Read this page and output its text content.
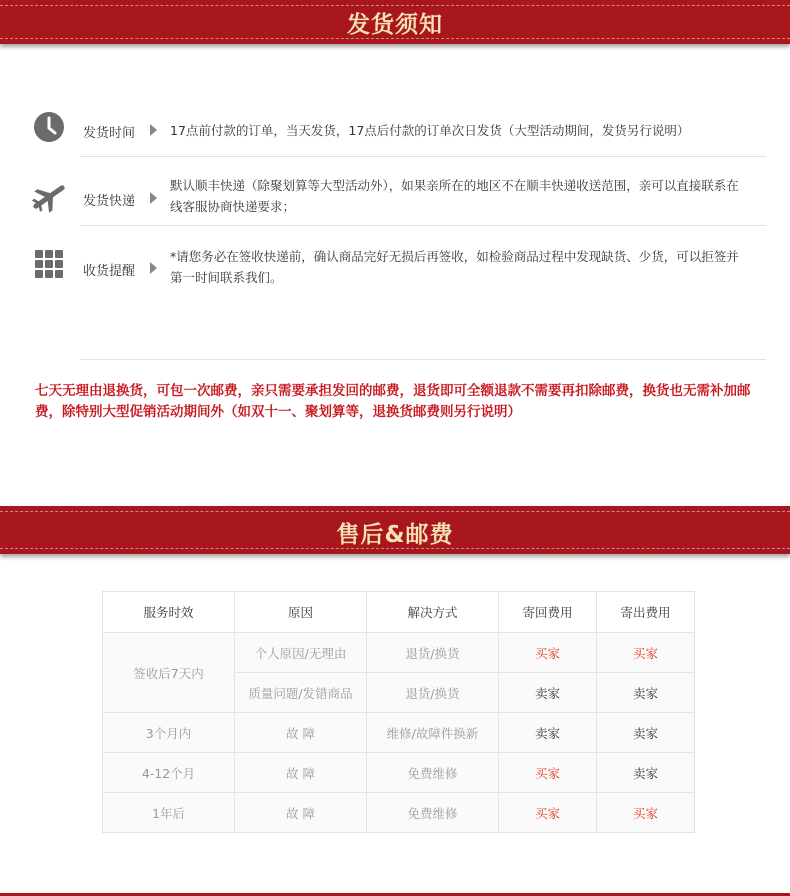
发货须知
发货时间	17点前付款的订单，当天发货，17点后付款的订单次日发货（大型活动期间，发货另行说明）
发货快递
默认顺丰快递（除聚划算等大型活动外），如果亲所在的地区不在顺丰快递收送范围，亲可以直接联系在线客服协商快递要求；
收货提醒
*请您务必在签收快递前，确认商品完好无损后再签收，如检验商品过程中发现缺货、少货，可以拒签并第一时间联系我们。
七天无理由退换货，可包一次邮费，亲只需要承担发回的邮费，退货即可全额退款不需要再扣除邮费，换货也无需补加邮费，除特别大型促销活动期间外（如双十一、聚划算等，退换货邮费则另行说明）
售后&邮费
服务时效	原因	解决方式	寄回费用	寄出费用
签收后7天内	个人原因/无理由	退货/换货	买家	买家
	质量问题/发错商品	退货/换货	卖家	卖家
3个月内	故 障	维修/故障件换新	卖家	卖家
4-12个月	故 障	免费维修	买家	卖家
1年后	故 障	免费维修	买家	买家
